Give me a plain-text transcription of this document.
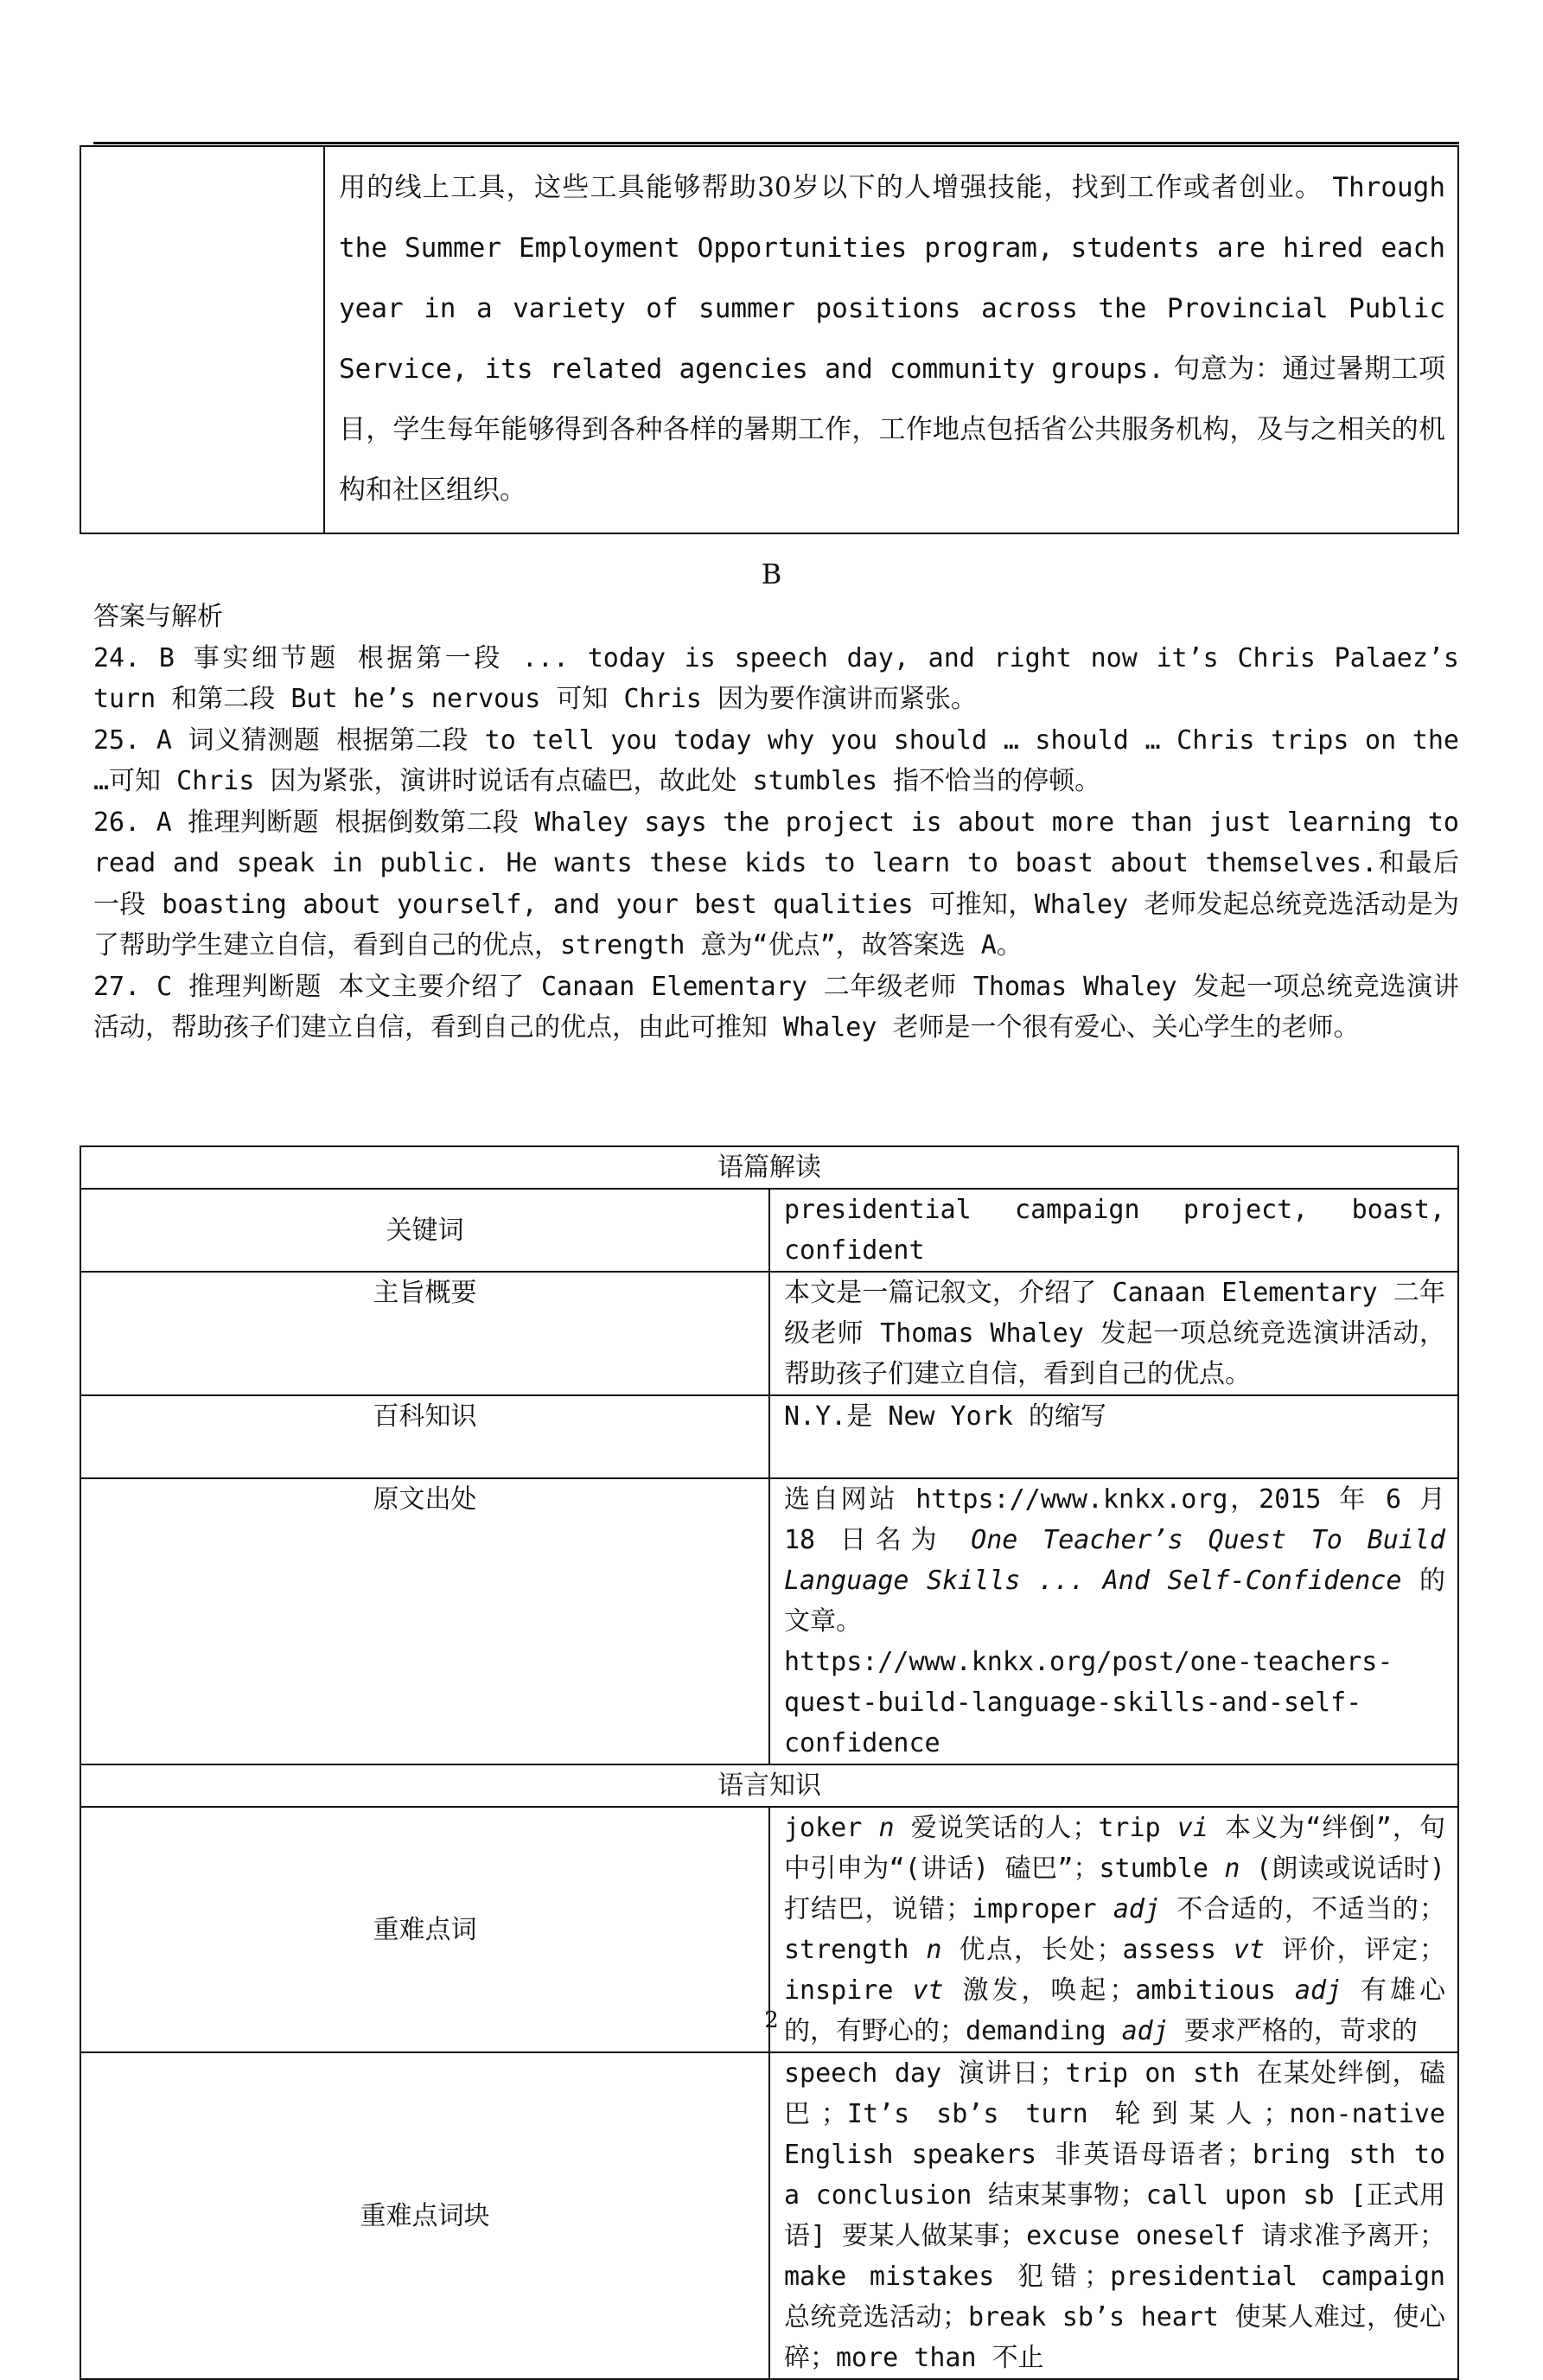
	用的线上工具，这些工具能够帮助30岁以下的人增强技能，找到工作或者创业。 Through the Summer Employment Opportunities program, students are hired each year in a variety of summer positions across the Provincial Public Service, its related agencies and community groups. 句意为：通过暑期工项目，学生每年能够得到各种各样的暑期工作，工作地点包括省公共服务机构，及与之相关的机构和社区组织。
B

答案与解析

24. B 事实细节题 根据第一段 ... today is speech day, and right now it’s Chris Palaez’s turn 和第二段 But he’s nervous 可知 Chris 因为要作演讲而紧张。

25. A 词义猜测题 根据第二段 to tell you today why you should … should … Chris trips on the …可知 Chris 因为紧张，演讲时说话有点磕巴，故此处 stumbles 指不恰当的停顿。

26. A 推理判断题 根据倒数第二段 Whaley says the project is about more than just learning to read and speak in public. He wants these kids to learn to boast about themselves.和最后一段 boasting about yourself, and your best qualities 可推知，Whaley 老师发起总统竞选活动是为了帮助学生建立自信，看到自己的优点，strength 意为“优点”，故答案选 A。

27. C 推理判断题 本文主要介绍了 Canaan Elementary 二年级老师 Thomas Whaley 发起一项总统竞选演讲活动，帮助孩子们建立自信，看到自己的优点，由此可推知 Whaley 老师是一个很有爱心、关心学生的老师。

语篇解读	
关键词	presidential campaign project, boast, confident
主旨概要	本文是一篇记叙文，介绍了 Canaan Elementary 二年级老师 Thomas Whaley 发起一项总统竞选演讲活动，帮助孩子们建立自信，看到自己的优点。
百科知识	N.Y.是 New York 的缩写
原文出处	选自网站 https://www.knkx.org，2015 年 6 月 18 日名为 One Teacher’s Quest To Build Language Skills ... And Self-Confidence 的文章。
https://www.knkx.org/post/one-teachers-quest-build-language-skills-and-self-confidence
语言知识	
重难点词	joker n 爱说笑话的人；trip vi 本义为“绊倒”，句中引申为“(讲话) 磕巴”；stumble n (朗读或说话时) 打结巴，说错；improper adj 不合适的，不适当的；strength n 优点，长处；assess vt 评价，评定；inspire vt 激发，唤起；ambitious adj 有雄心的，有野心的；demanding adj 要求严格的，苛求的
重难点词块	speech day 演讲日；trip on sth 在某处绊倒，磕巴；It’s sb’s turn 轮到某人；non-native English speakers 非英语母语者；bring sth to a conclusion 结束某事物；call upon sb [正式用语] 要某人做某事；excuse oneself 请求准予离开；make mistakes 犯错；presidential campaign 总统竞选活动；break sb’s heart 使某人难过，使心碎；more than 不止
2
